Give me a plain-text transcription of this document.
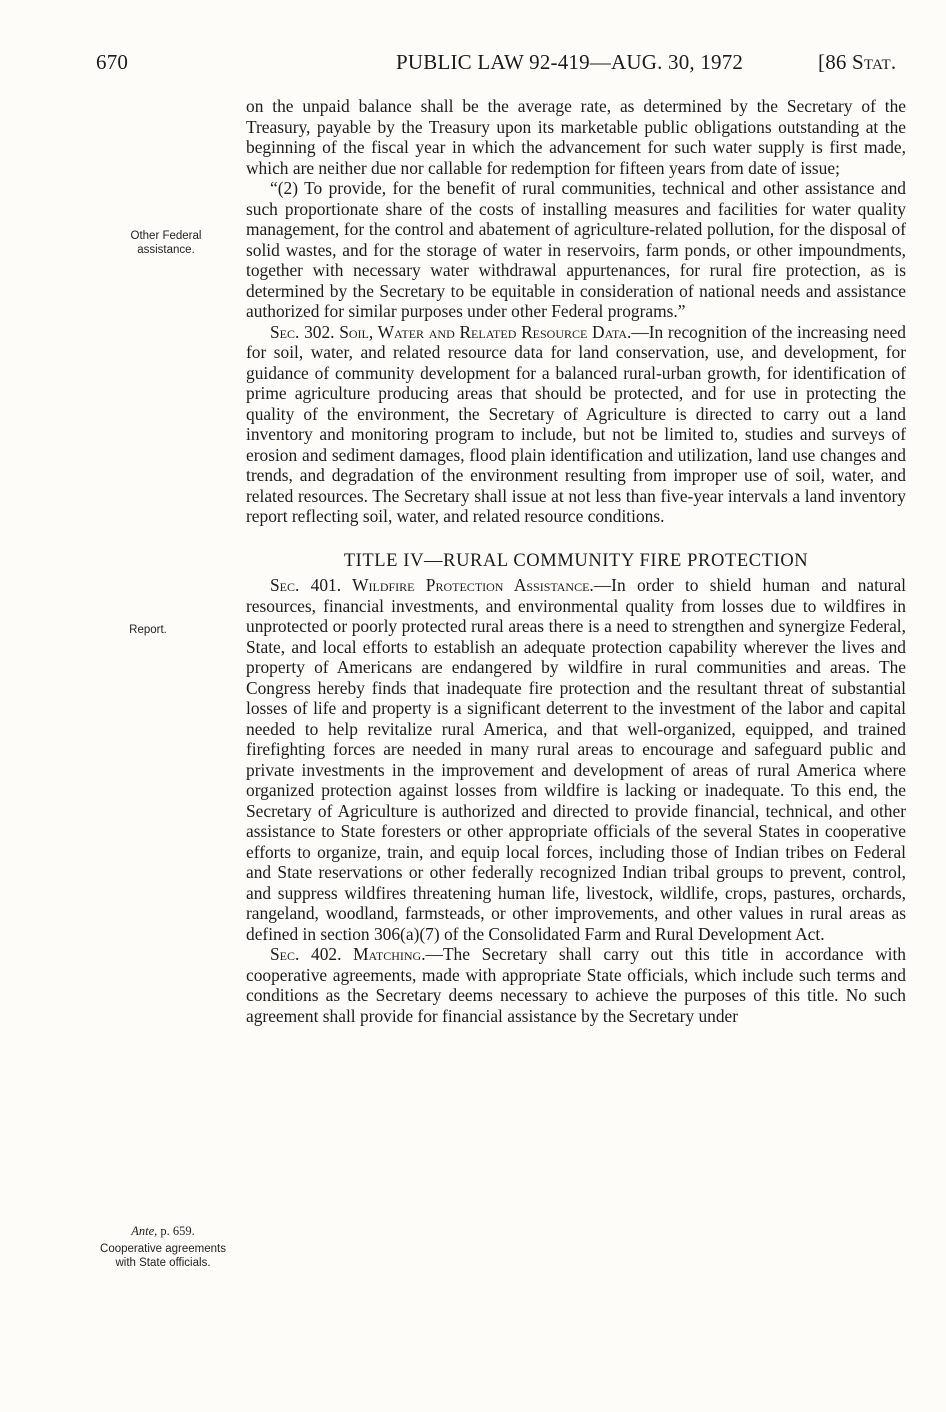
670	PUBLIC LAW 92-419—AUG. 30, 1972	[86 Stat.
Other Federal assistance.
Report.
Ante, p. 659.
Cooperative agreements with State officials.

on the unpaid balance shall be the average rate, as determined by the Secretary of the Treasury, payable by the Treasury upon its marketable public obligations outstanding at the beginning of the fiscal year in which the advancement for such water supply is first made, which are neither due nor callable for redemption for fifteen years from date of issue;

“(2) To provide, for the benefit of rural communities, technical and other assistance and such proportionate share of the costs of installing measures and facilities for water quality management, for the control and abatement of agriculture-related pollution, for the disposal of solid wastes, and for the storage of water in reservoirs, farm ponds, or other impoundments, together with necessary water withdrawal appurtenances, for rural fire protection, as is determined by the Secretary to be equitable in consideration of national needs and assistance authorized for similar purposes under other Federal programs.”

Sec. 302. Soil, Water and Related Resource Data.—In recognition of the increasing need for soil, water, and related resource data for land conservation, use, and development, for guidance of community development for a balanced rural-urban growth, for identification of prime agriculture producing areas that should be protected, and for use in protecting the quality of the environment, the Secretary of Agriculture is directed to carry out a land inventory and monitoring program to include, but not be limited to, studies and surveys of erosion and sediment damages, flood plain identification and utilization, land use changes and trends, and degradation of the environment resulting from improper use of soil, water, and related resources. The Secretary shall issue at not less than five-year intervals a land inventory report reflecting soil, water, and related resource conditions.

TITLE IV—RURAL COMMUNITY FIRE PROTECTION

Sec. 401. Wildfire Protection Assistance.—In order to shield human and natural resources, financial investments, and environmental quality from losses due to wildfires in unprotected or poorly protected rural areas there is a need to strengthen and synergize Federal, State, and local efforts to establish an adequate protection capability wherever the lives and property of Americans are endangered by wildfire in rural communities and areas. The Congress hereby finds that inadequate fire protection and the resultant threat of substantial losses of life and property is a significant deterrent to the investment of the labor and capital needed to help revitalize rural America, and that well-organized, equipped, and trained firefighting forces are needed in many rural areas to encourage and safeguard public and private investments in the improvement and development of areas of rural America where organized protection against losses from wildfire is lacking or inadequate. To this end, the Secretary of Agriculture is authorized and directed to provide financial, technical, and other assistance to State foresters or other appropriate officials of the several States in cooperative efforts to organize, train, and equip local forces, including those of Indian tribes on Federal and State reservations or other federally recognized Indian tribal groups to prevent, control, and suppress wildfires threatening human life, livestock, wildlife, crops, pastures, orchards, rangeland, woodland, farmsteads, or other improvements, and other values in rural areas as defined in section 306(a)(7) of the Consolidated Farm and Rural Development Act.

Sec. 402. Matching.—The Secretary shall carry out this title in accordance with cooperative agreements, made with appropriate State officials, which include such terms and conditions as the Secretary deems necessary to achieve the purposes of this title. No such agreement shall provide for financial assistance by the Secretary under
